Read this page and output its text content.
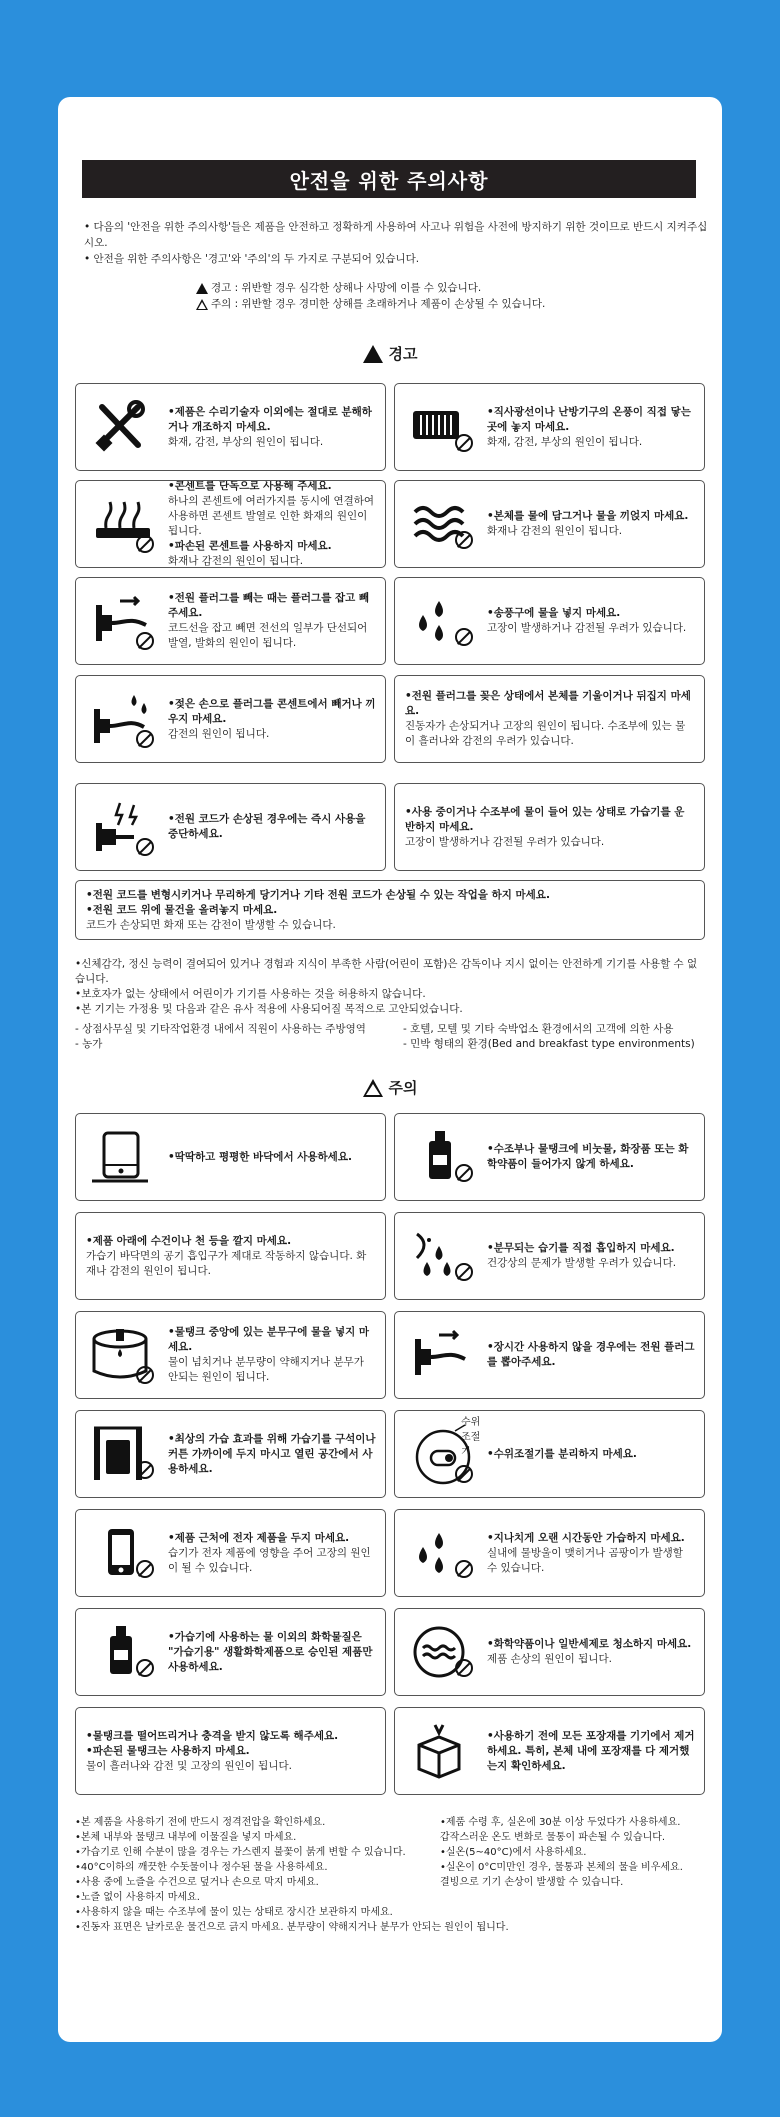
안전을 위한 주의사항
• 다음의 '안전을 위한 주의사항'들은 제품을 안전하고 정확하게 사용하여 사고나 위험을 사전에 방지하기 위한 것이므로 반드시 지켜주십시오.
• 안전을 위한 주의사항은 '경고'와 '주의'의 두 가지로 구분되어 있습니다.
경고 : 위반할 경우 심각한 상해나 사망에 이를 수 있습니다.
주의 : 위반할 경우 경미한 상해를 초래하거나 제품이 손상될 수 있습니다.
경고
•제품은 수리기술자 이외에는 절대로 분해하거나 개조하지 마세요.
화재, 감전, 부상의 원인이 됩니다.
•직사광선이나 난방기구의 온풍이 직접 닿는 곳에 놓지 마세요.
화재, 감전, 부상의 원인이 됩니다.
•콘센트를 단독으로 사용해 주세요.
하나의 콘센트에 여러가지를 동시에 연결하여 사용하면 콘센트 발열로 인한 화재의 원인이 됩니다.
•파손된 콘센트를 사용하지 마세요.
화재나 감전의 원인이 됩니다.
•본체를 물에 담그거나 물을 끼얹지 마세요.
화재나 감전의 원인이 됩니다.
•전원 플러그를 빼는 때는 플러그를 잡고 빼 주세요.
코드선을 잡고 빼면 전선의 일부가 단선되어 발열, 발화의 원인이 됩니다.
•송풍구에 물을 넣지 마세요.
고장이 발생하거나 감전될 우려가 있습니다.
•젖은 손으로 플러그를 콘센트에서 빼거나 끼우지 마세요.
감전의 원인이 됩니다.
•전원 플러그를 꽂은 상태에서 본체를 기울이거나 뒤집지 마세요.
진동자가 손상되거나 고장의 원인이 됩니다. 수조부에 있는 물이 흘러나와 감전의 우려가 있습니다.
•전원 코드가 손상된 경우에는 즉시 사용을 중단하세요.
•사용 중이거나 수조부에 물이 들어 있는 상태로 가습기를 운반하지 마세요.
고장이 발생하거나 감전될 우려가 있습니다.
•전원 코드를 변형시키거나 무리하게 당기거나 기타 전원 코드가 손상될 수 있는 작업을 하지 마세요.
•전원 코드 위에 물건을 올려놓지 마세요.
코드가 손상되면 화재 또는 감전이 발생할 수 있습니다.
•신체감각, 정신 능력이 결여되어 있거나 경험과 지식이 부족한 사람(어린이 포함)은 감독이나 지시 없이는 안전하게 기기를 사용할 수 없습니다.
•보호자가 없는 상태에서 어린이가 기기를 사용하는 것을 허용하지 않습니다.
•본 기기는 가정용 및 다음과 같은 유사 적용에 사용되어질 목적으로 고안되었습니다.
- 상점사무실 및 기타작업환경 내에서 직원이 사용하는 주방영역
- 농가
- 호텔, 모텔 및 기타 숙박업소 환경에서의 고객에 의한 사용
- 민박 형태의 환경(Bed and breakfast type environments)
주의
•딱딱하고 평평한 바닥에서 사용하세요.
•수조부나 물탱크에 비눗물, 화장품 또는 화학약품이 들어가지 않게 하세요.
•제품 아래에 수건이나 천 등을 깔지 마세요.
가습기 바닥면의 공기 흡입구가 제대로 작동하지 않습니다. 화재나 감전의 원인이 됩니다.
•분무되는 습기를 직접 흡입하지 마세요.
건강상의 문제가 발생할 우려가 있습니다.
•물탱크 중앙에 있는 분무구에 물을 넣지 마세요.
물이 넘치거나 분무량이 약해지거나 분무가 안되는 원인이 됩니다.
•장시간 사용하지 않을 경우에는 전원 플러그를 뽑아주세요.
•최상의 가습 효과를 위해 가습기를 구석이나 커튼 가까이에 두지 마시고 열린 공간에서 사용하세요.
수위조절기	•수위조절기를 분리하지 마세요.
•제품 근처에 전자 제품을 두지 마세요.
습기가 전자 제품에 영향을 주어 고장의 원인이 될 수 있습니다.
•지나치게 오랜 시간동안 가습하지 마세요.
실내에 물방울이 맺히거나 곰팡이가 발생할 수 있습니다.
•가습기에 사용하는 물 이외의 화학물질은 "가습기용" 생활화학제품으로 승인된 제품만 사용하세요.
•화학약품이나 일반세제로 청소하지 마세요.
제품 손상의 원인이 됩니다.
•물탱크를 떨어뜨리거나 충격을 받지 않도록 해주세요.
•파손된 물탱크는 사용하지 마세요.
물이 흘러나와 감전 및 고장의 원인이 됩니다.
•사용하기 전에 모든 포장재를 기기에서 제거하세요. 특히, 본체 내에 포장재를 다 제거했는지 확인하세요.
•본 제품을 사용하기 전에 반드시 정격전압을 확인하세요.
•본체 내부와 물탱크 내부에 이물질을 넣지 마세요.
•가습기로 인해 수분이 많을 경우는 가스렌지 불꽃이 붉게 변할 수 있습니다.
•40°C이하의 깨끗한 수돗물이나 정수된 물을 사용하세요.
•사용 중에 노즐을 수건으로 덮거나 손으로 막지 마세요.
•노즐 없이 사용하지 마세요.
•사용하지 않을 때는 수조부에 물이 있는 상태로 장시간 보관하지 마세요.
•진동자 표면은 날카로운 물건으로 긁지 마세요. 분무량이 약해지거나 분무가 안되는 원인이 됩니다.
•제품 수령 후, 실온에 30분 이상 두었다가 사용하세요.
갑작스러운 온도 변화로 물통이 파손될 수 있습니다.
•실온(5~40°C)에서 사용하세요.
•실온이 0°C미만인 경우, 물통과 본체의 물을 비우세요.
결빙으로 기기 손상이 발생할 수 있습니다.
